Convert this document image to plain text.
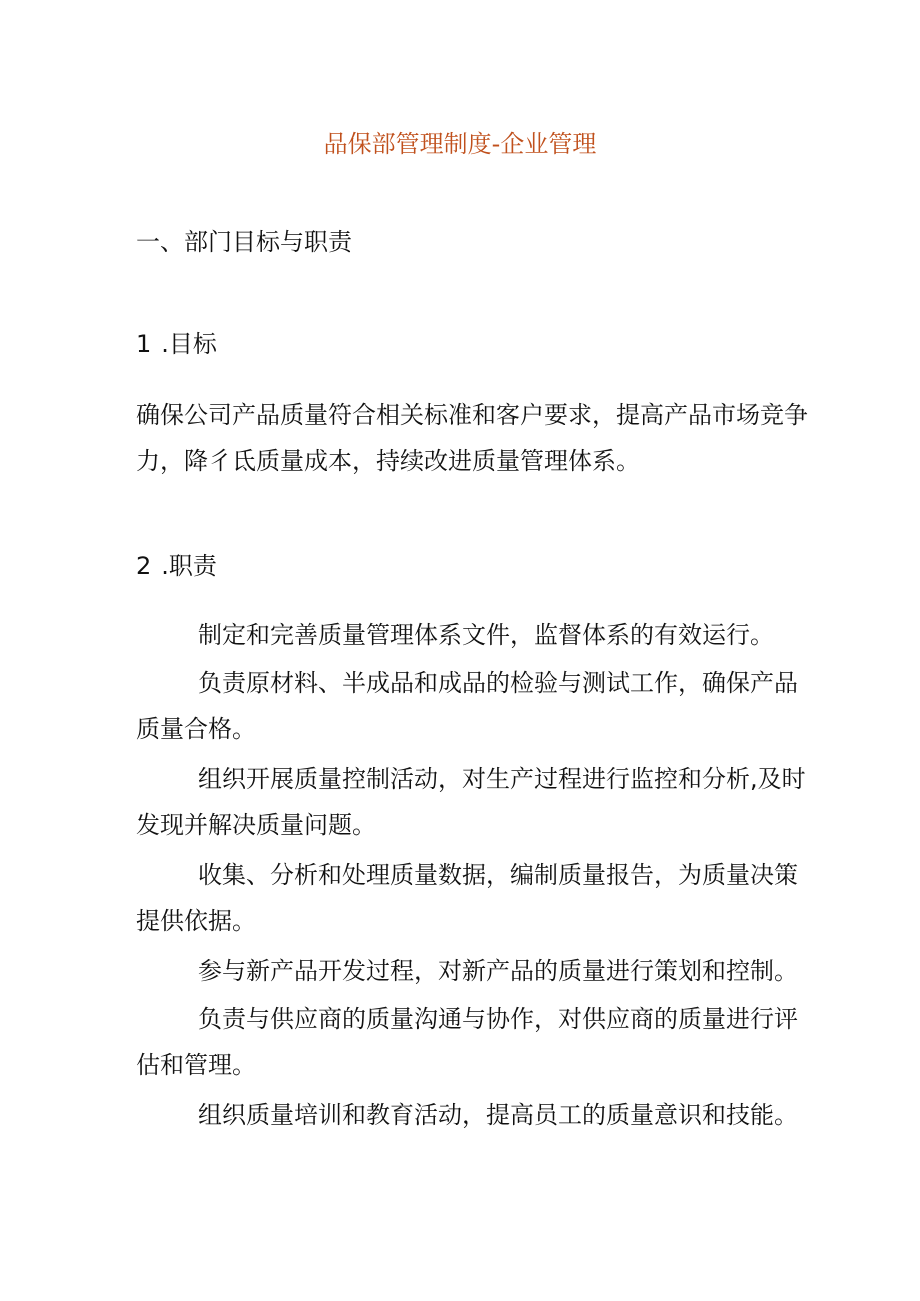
品保部管理制度-企业管理
一、部门目标与职责
1 .目标
确保公司产品质量符合相关标准和客户要求，提高产品市场竞争
力，降彳氐质量成本，持续改进质量管理体系。
2 .职责
制定和完善质量管理体系文件，监督体系的有效运行。
负责原材料、半成品和成品的检验与测试工作，确保产品
质量合格。
组织开展质量控制活动，对生产过程进行监控和分析,及时
发现并解决质量问题。
收集、分析和处理质量数据，编制质量报告，为质量决策
提供依据。
参与新产品开发过程，对新产品的质量进行策划和控制。
负责与供应商的质量沟通与协作，对供应商的质量进行评
估和管理。
组织质量培训和教育活动，提高员工的质量意识和技能。
